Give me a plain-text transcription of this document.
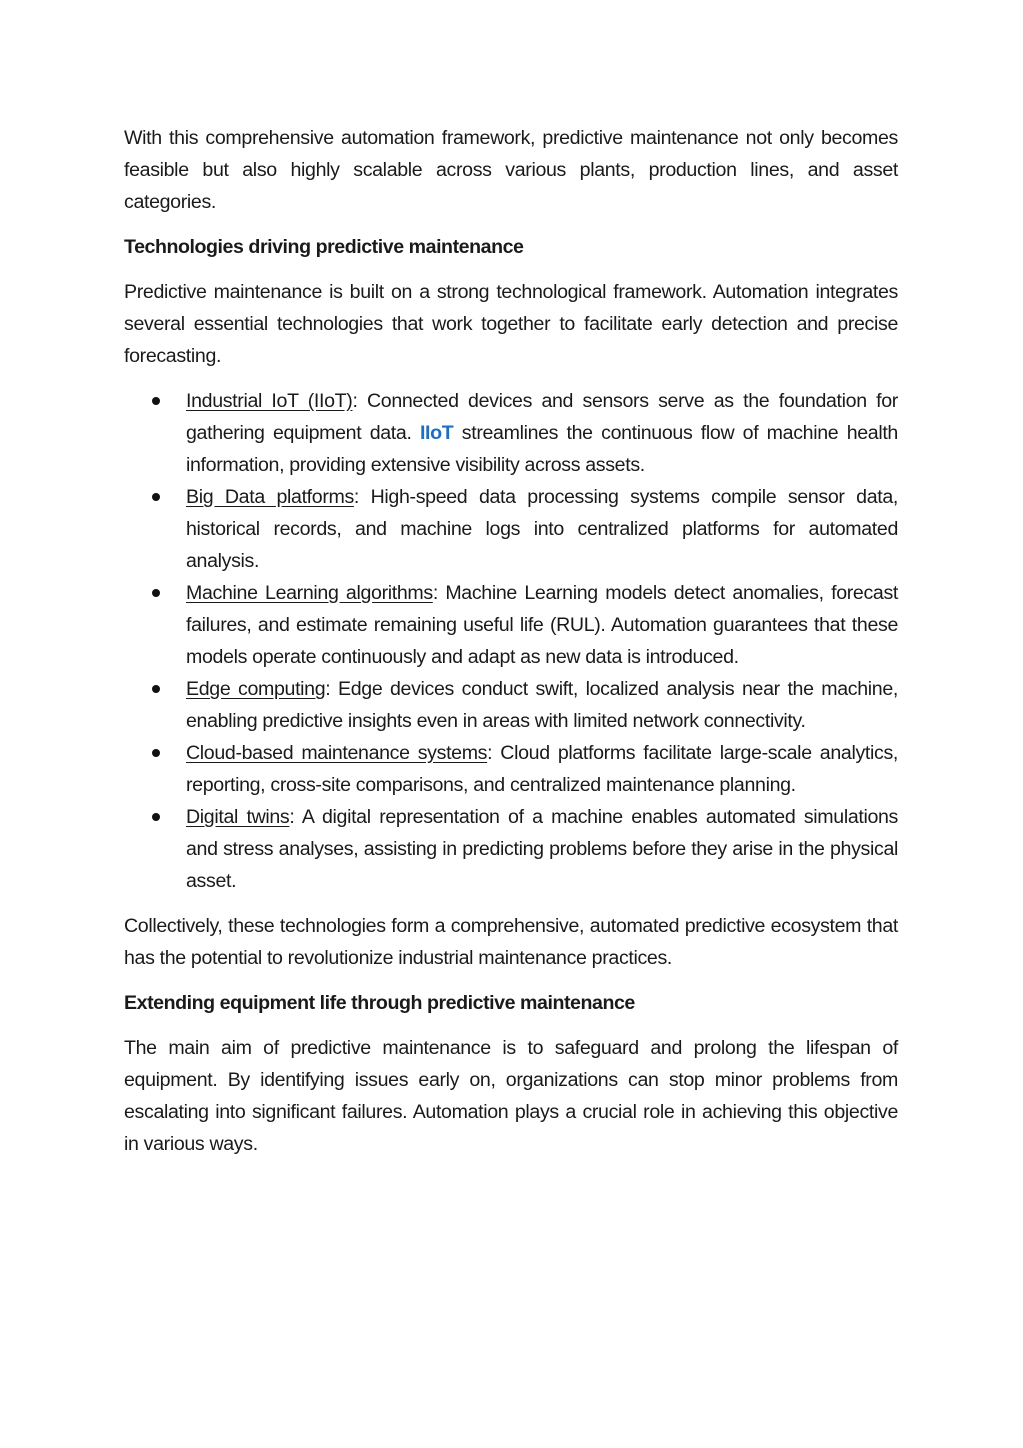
With this comprehensive automation framework, predictive maintenance not only becomes feasible but also highly scalable across various plants, production lines, and asset categories.

Technologies driving predictive maintenance

Predictive maintenance is built on a strong technological framework. Automation integrates several essential technologies that work together to facilitate early detection and precise forecasting.

Industrial IoT (IIoT): Connected devices and sensors serve as the foundation for gathering equipment data. IIoT streamlines the continuous flow of machine health information, providing extensive visibility across assets.
Big Data platforms: High-speed data processing systems compile sensor data, historical records, and machine logs into centralized platforms for automated analysis.
Machine Learning algorithms: Machine Learning models detect anomalies, forecast failures, and estimate remaining useful life (RUL). Automation guarantees that these models operate continuously and adapt as new data is introduced.
Edge computing: Edge devices conduct swift, localized analysis near the machine, enabling predictive insights even in areas with limited network connectivity.
Cloud-based maintenance systems: Cloud platforms facilitate large-scale analytics, reporting, cross-site comparisons, and centralized maintenance planning.
Digital twins: A digital representation of a machine enables automated simulations and stress analyses, assisting in predicting problems before they arise in the physical asset.

Collectively, these technologies form a comprehensive, automated predictive ecosystem that has the potential to revolutionize industrial maintenance practices.

Extending equipment life through predictive maintenance

The main aim of predictive maintenance is to safeguard and prolong the lifespan of equipment. By identifying issues early on, organizations can stop minor problems from escalating into significant failures. Automation plays a crucial role in achieving this objective in various ways.
